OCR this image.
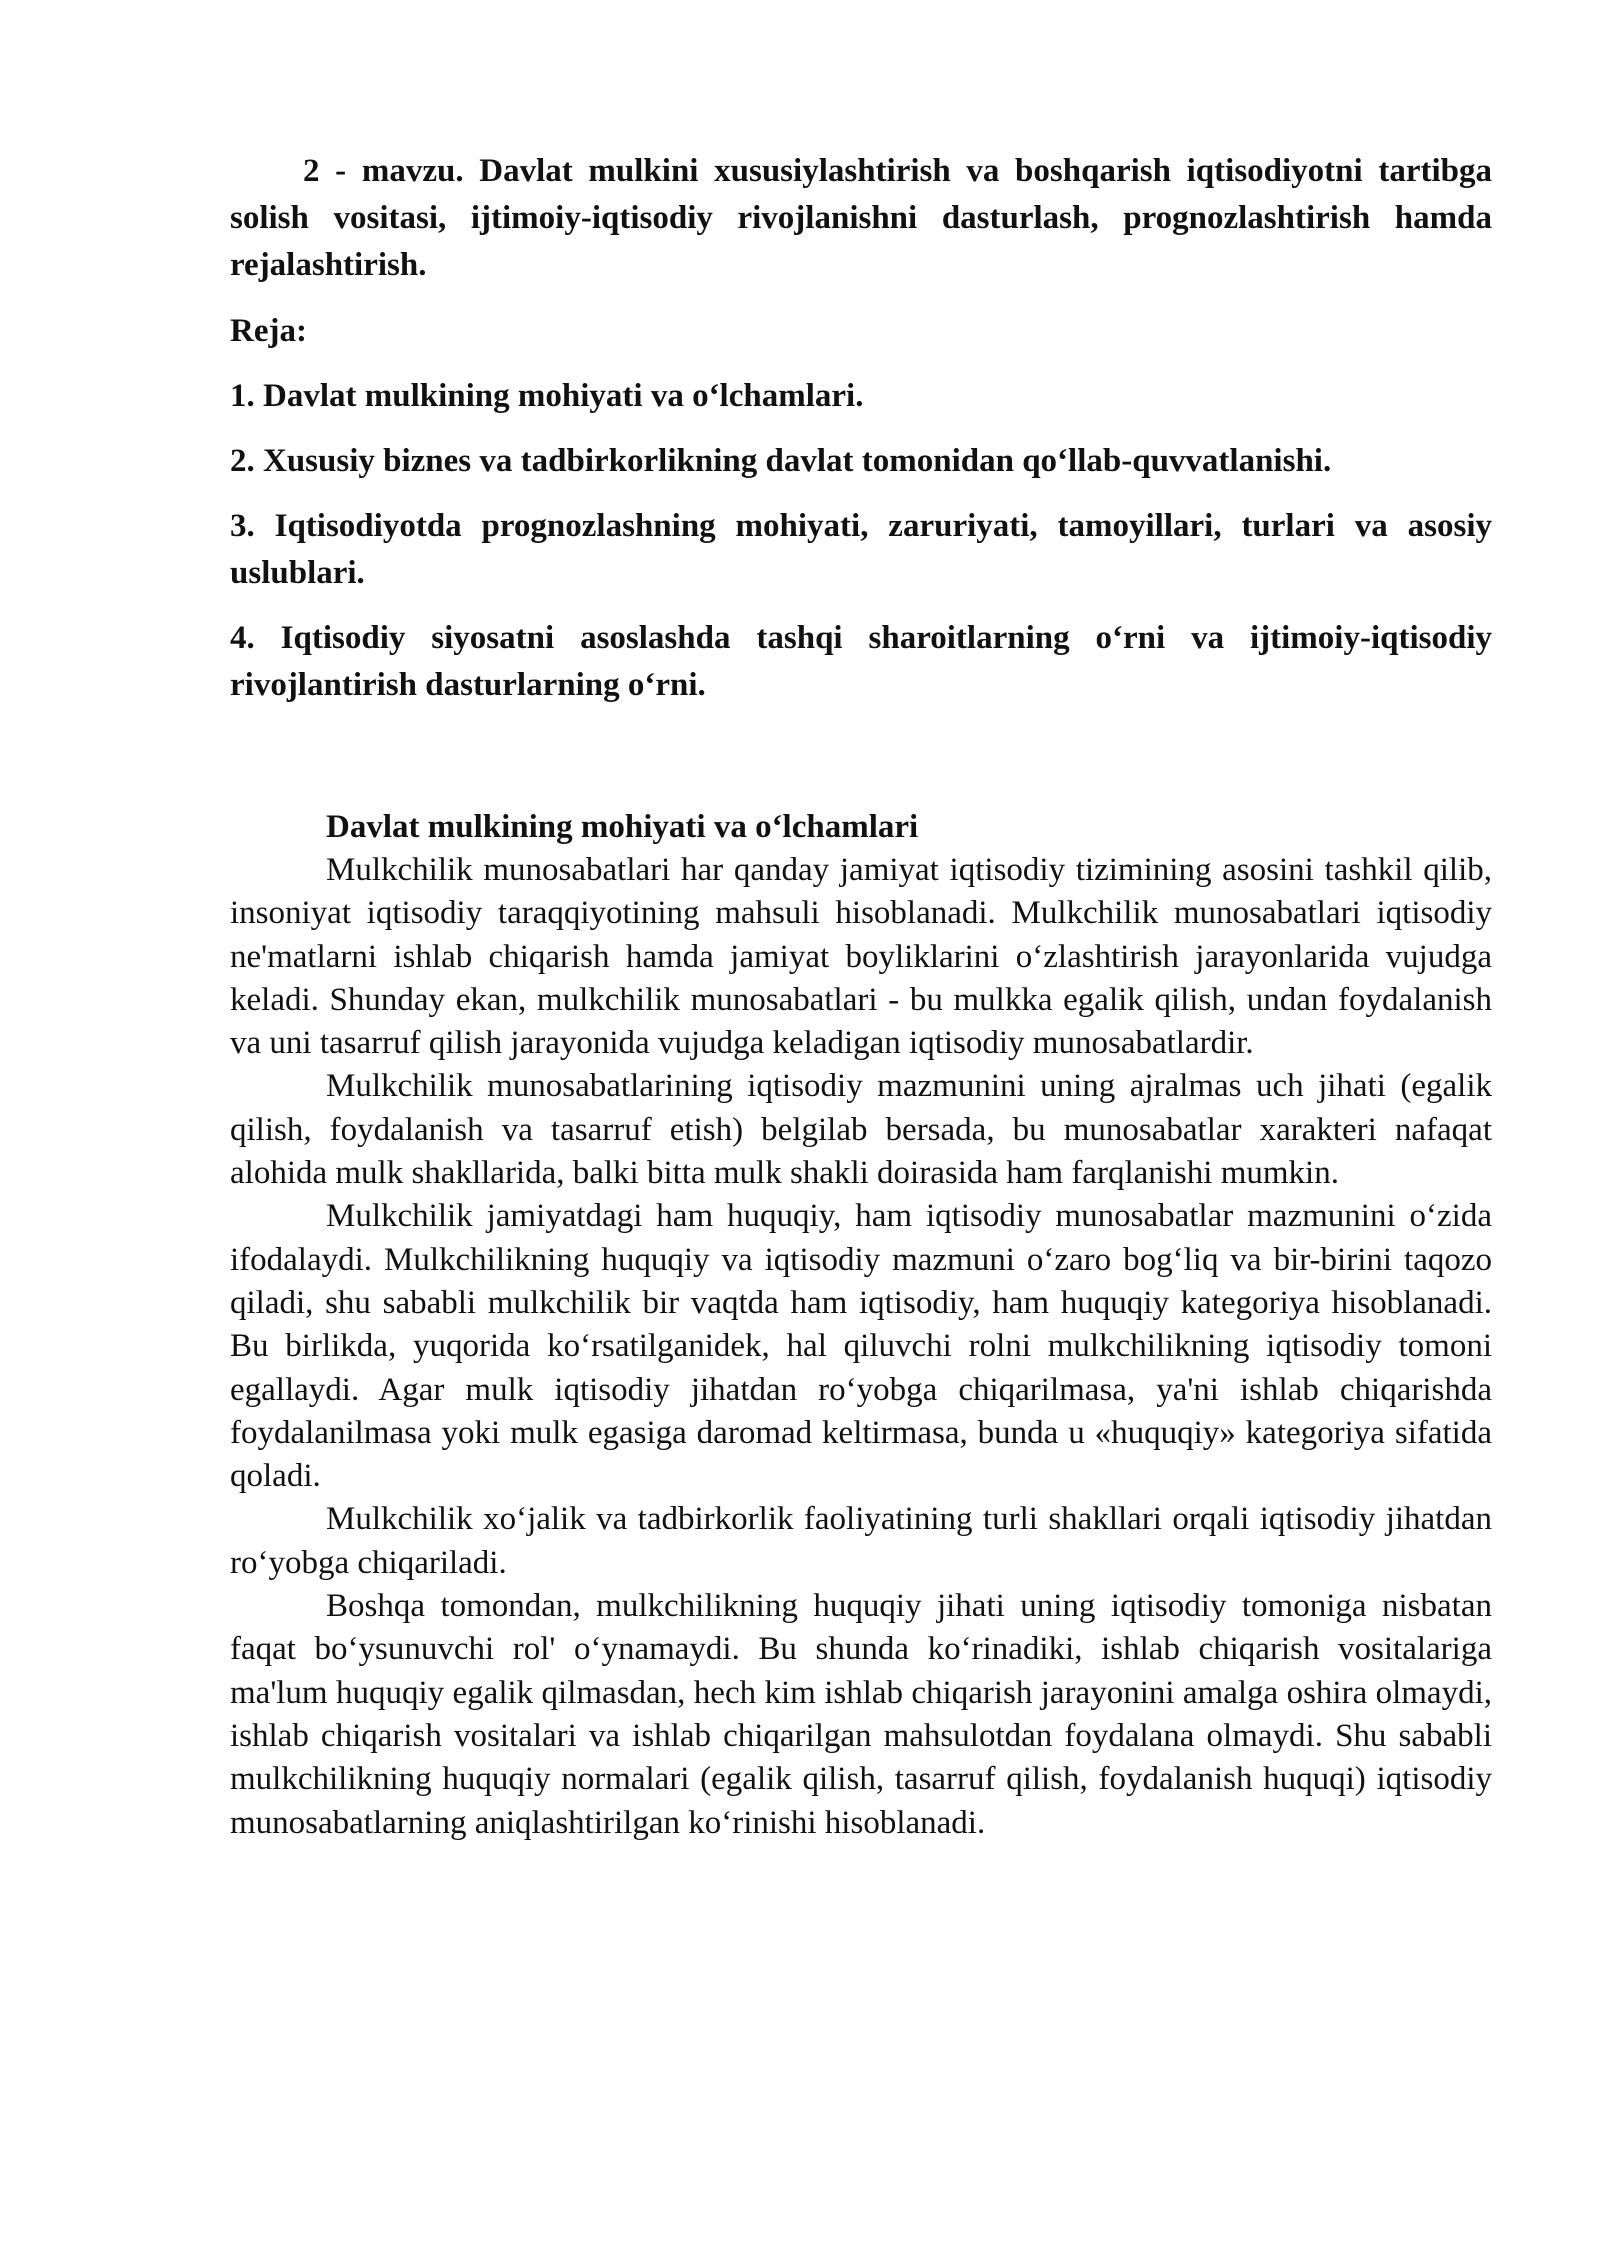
2 - mavzu. Davlat mulkini xususiylashtirish va boshqarish iqtisodiyotni tartibga solish vositasi, ijtimoiy-iqtisodiy rivojlanishni dasturlash, prognozlashtirish hamda rejalashtirish.

Reja:

1. Davlat mulkining mohiyati va o‘lchamlari.

2. Xususiy biznes va tadbirkorlikning davlat tomonidan qo‘llab-quvvatlanishi.

3. Iqtisodiyotda prognozlashning mohiyati, zaruriyati, tamoyillari, turlari va asosiy uslublari.

4. Iqtisodiy siyosatni asoslashda tashqi sharoitlarning o‘rni va ijtimoiy-iqtisodiy rivojlantirish dasturlarning o‘rni.

Davlat mulkining mohiyati va o‘lchamlari

Mulkchilik munosabatlari har qanday jamiyat iqtisodiy tizimining asosini tashkil qilib, insoniyat iqtisodiy taraqqiyotining mahsuli hisoblanadi. Mulkchilik munosabatlari iqtisodiy ne'matlarni ishlab chiqarish hamda jamiyat boyliklarini o‘zlashtirish jarayonlarida vujudga keladi. Shunday ekan, mulkchilik munosabatlari - bu mulkka egalik qilish, undan foydalanish va uni tasarruf qilish jarayonida vujudga keladigan iqtisodiy munosabatlardir.

Mulkchilik munosabatlarining iqtisodiy mazmunini uning ajralmas uch jihati (egalik qilish, foydalanish va tasarruf etish) belgilab bersada, bu munosabatlar xarakteri nafaqat alohida mulk shakllarida, balki bitta mulk shakli doirasida ham farqlanishi mumkin.

Mulkchilik jamiyatdagi ham huquqiy, ham iqtisodiy munosabatlar mazmunini o‘zida ifodalaydi. Mulkchilikning huquqiy va iqtisodiy mazmuni o‘zaro bog‘liq va bir-birini taqozo qiladi, shu sababli mulkchilik bir vaqtda ham iqtisodiy, ham huquqiy kategoriya hisoblanadi. Bu birlikda, yuqorida ko‘rsatilganidek, hal qiluvchi rolni mulkchilikning iqtisodiy tomoni egallaydi. Agar mulk iqtisodiy jihatdan ro‘yobga chiqarilmasa, ya'ni ishlab chiqarishda foydalanilmasa yoki mulk egasiga daromad keltirmasa, bunda u «huquqiy» kategoriya sifatida qoladi.

Mulkchilik xo‘jalik va tadbirkorlik faoliyatining turli shakllari orqali iqtisodiy jihatdan ro‘yobga chiqariladi.

Boshqa tomondan, mulkchilikning huquqiy jihati uning iqtisodiy tomoniga nisbatan faqat bo‘ysunuvchi rol' o‘ynamaydi. Bu shunda ko‘rinadiki, ishlab chiqarish vositalariga ma'lum huquqiy egalik qilmasdan, hech kim ishlab chiqarish jarayonini amalga oshira olmaydi, ishlab chiqarish vositalari va ishlab chiqarilgan mahsulotdan foydalana olmaydi. Shu sababli mulkchilikning huquqiy normalari (egalik qilish, tasarruf qilish, foydalanish huquqi) iqtisodiy munosabatlarning aniqlashtirilgan ko‘rinishi hisoblanadi.
